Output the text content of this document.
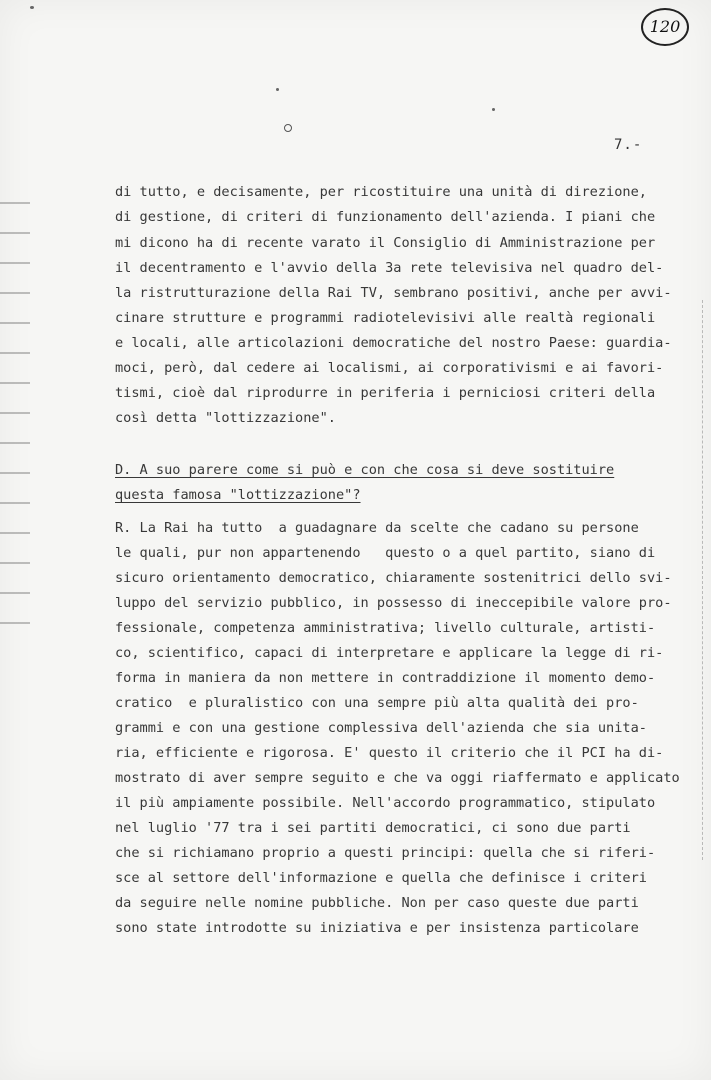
120
7.-
di tutto, e decisamente, per ricostituire una unità di direzione,
di gestione, di criteri di funzionamento dell'azienda. I piani che
mi dicono ha di recente varato il Consiglio di Amministrazione per
il decentramento e l'avvio della 3a rete televisiva nel quadro del-
la ristrutturazione della Rai TV, sembrano positivi, anche per avvi-
cinare strutture e programmi radiotelevisivi alle realtà regionali
e locali, alle articolazioni democratiche del nostro Paese: guardia-
moci, però, dal cedere ai localismi, ai corporativismi e ai favori-
tismi, cioè dal riprodurre in periferia i perniciosi criteri della
così detta "lottizzazione".
D. A suo parere come si può e con che cosa si deve sostituire
questa famosa "lottizzazione"?
R. La Rai ha tutto  a guadagnare da scelte che cadano su persone
le quali, pur non appartenendo   questo o a quel partito, siano di
sicuro orientamento democratico, chiaramente sostenitrici dello svi-
luppo del servizio pubblico, in possesso di ineccepibile valore pro-
fessionale, competenza amministrativa; livello culturale, artisti-
co, scientifico, capaci di interpretare e applicare la legge di ri-
forma in maniera da non mettere in contraddizione il momento demo-
cratico  e pluralistico con una sempre più alta qualità dei pro-
grammi e con una gestione complessiva dell'azienda che sia unita-
ria, efficiente e rigorosa. E' questo il criterio che il PCI ha di-
mostrato di aver sempre seguito e che va oggi riaffermato e applicato
il più ampiamente possibile. Nell'accordo programmatico, stipulato
nel luglio '77 tra i sei partiti democratici, ci sono due parti
che si richiamano proprio a questi principi: quella che si riferi-
sce al settore dell'informazione e quella che definisce i criteri
da seguire nelle nomine pubbliche. Non per caso queste due parti
sono state introdotte su iniziativa e per insistenza particolare
